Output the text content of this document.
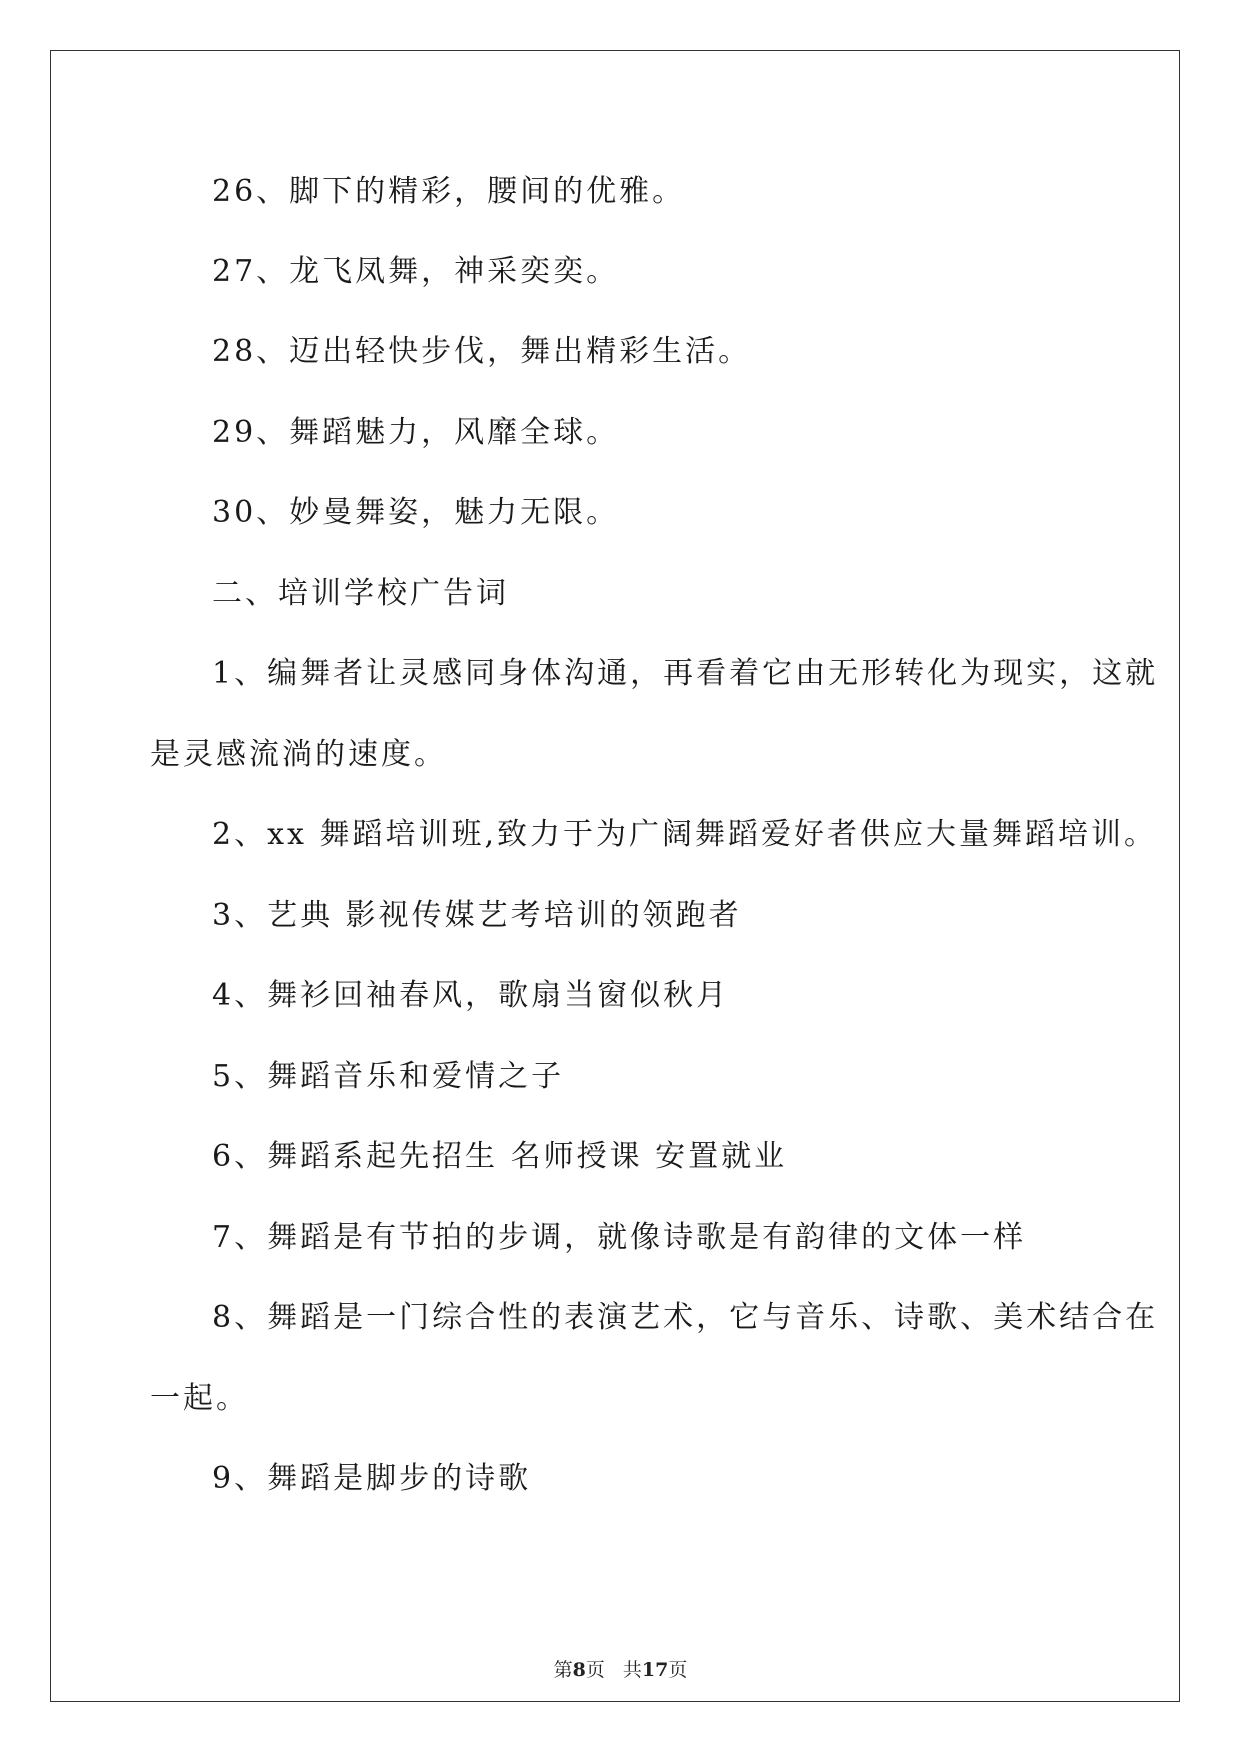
26、脚下的精彩，腰间的优雅。
27、龙飞凤舞，神采奕奕。
28、迈出轻快步伐，舞出精彩生活。
29、舞蹈魅力，风靡全球。
30、妙曼舞姿，魅力无限。
二、培训学校广告词
1、编舞者让灵感同身体沟通，再看着它由无形转化为现实，这就
是灵感流淌的速度。
2、xx 舞蹈培训班,致力于为广阔舞蹈爱好者供应大量舞蹈培训。
3、艺典 影视传媒艺考培训的领跑者
4、舞衫回袖春风，歌扇当窗似秋月
5、舞蹈音乐和爱情之子
6、舞蹈系起先招生 名师授课 安置就业
7、舞蹈是有节拍的步调，就像诗歌是有韵律的文体一样
8、舞蹈是一门综合性的表演艺术，它与音乐、诗歌、美术结合在
一起。
9、舞蹈是脚步的诗歌
第8页 共17页
